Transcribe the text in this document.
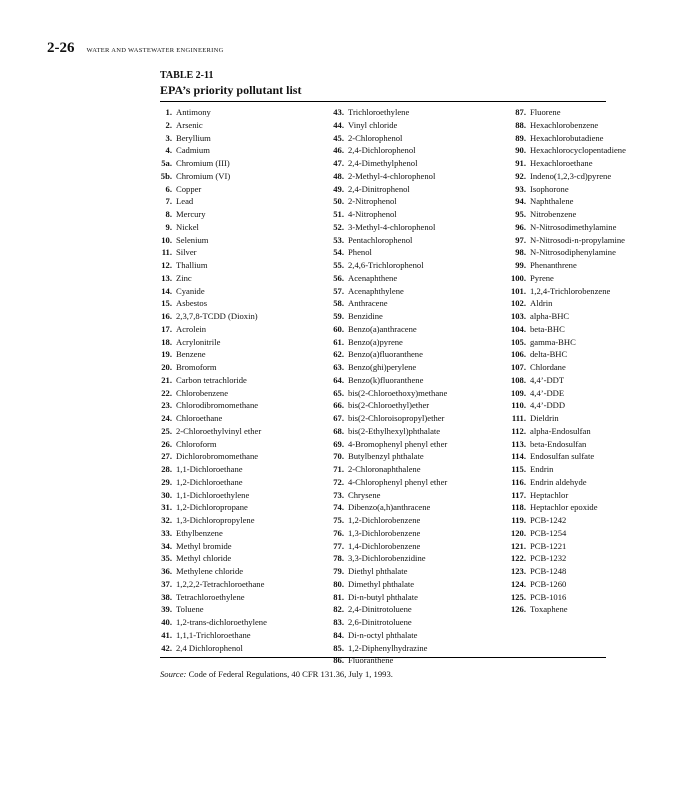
2-26 WATER AND WASTEWATER ENGINEERING
TABLE 2-11
EPA’s priority pollutant list
1. Antimony
2. Arsenic
3. Beryllium
4. Cadmium
5a. Chromium (III)
5b. Chromium (VI)
6. Copper
7. Lead
8. Mercury
9. Nickel
10. Selenium
11. Silver
12. Thallium
13. Zinc
14. Cyanide
15. Asbestos
16. 2,3,7,8-TCDD (Dioxin)
17. Acrolein
18. Acrylonitrile
19. Benzene
20. Bromoform
21. Carbon tetrachloride
22. Chlorobenzene
23. Chlorodibromomethane
24. Chloroethane
25. 2-Chloroethylvinyl ether
26. Chloroform
27. Dichlorobromomethane
28. 1,1-Dichloroethane
29. 1,2-Dichloroethane
30. 1,1-Dichloroethylene
31. 1,2-Dichloropropane
32. 1,3-Dichloropropylene
33. Ethylbenzene
34. Methyl bromide
35. Methyl chloride
36. Methylene chloride
37. 1,2,2,2-Tetrachloroethane
38. Tetrachloroethylene
39. Toluene
40. 1,2-trans-dichloroethylene
41. 1,1,1-Trichloroethane
42. 2,4 Dichlorophenol
43. Trichloroethylene
44. Vinyl chloride
45. 2-Chlorophenol
46. 2,4-Dichlorophenol
47. 2,4-Dimethylphenol
48. 2-Methyl-4-chlorophenol
49. 2,4-Dinitrophenol
50. 2-Nitrophenol
51. 4-Nitrophenol
52. 3-Methyl-4-chlorophenol
53. Pentachlorophenol
54. Phenol
55. 2,4,6-Trichlorophenol
56. Acenaphthene
57. Acenaphthylene
58. Anthracene
59. Benzidine
60. Benzo(a)anthracene
61. Benzo(a)pyrene
62. Benzo(a)fluoranthene
63. Benzo(ghi)perylene
64. Benzo(k)fluoranthene
65. bis(2-Chloroethoxy)methane
66. bis(2-Chloroethyl)ether
67. bis(2-Chloroisopropyl)ether
68. bis(2-Ethylhexyl)phthalate
69. 4-Bromophenyl phenyl ether
70. Butylbenzyl phthalate
71. 2-Chloronaphthalene
72. 4-Chlorophenyl phenyl ether
73. Chrysene
74. Dibenzo(a,h)anthracene
75. 1,2-Dichlorobenzene
76. 1,3-Dichlorobenzene
77. 1,4-Dichlorobenzene
78. 3,3-Dichlorobenzidine
79. Diethyl phthalate
80. Dimethyl phthalate
81. Di-n-butyl phthalate
82. 2,4-Dinitrotoluene
83. 2,6-Dinitrotoluene
84. Di-n-octyl phthalate
85. 1,2-Diphenylhydrazine
86. Fluoranthene
87. Fluorene
88. Hexachlorobenzene
89. Hexachlorobutadiene
90. Hexachlorocyclopentadiene
91. Hexachloroethane
92. Indeno(1,2,3-cd)pyrene
93. Isophorone
94. Naphthalene
95. Nitrobenzene
96. N-Nitrosodimethylamine
97. N-Nitrosodi-n-propylamine
98. N-Nitrosodiphenylamine
99. Phenanthrene
100. Pyrene
101. 1,2,4-Trichlorobenzene
102. Aldrin
103. alpha-BHC
104. beta-BHC
105. gamma-BHC
106. delta-BHC
107. Chlordane
108. 4,4’-DDT
109. 4,4’-DDE
110. 4,4’-DDD
111. Dieldrin
112. alpha-Endosulfan
113. beta-Endosulfan
114. Endosulfan sulfate
115. Endrin
116. Endrin aldehyde
117. Heptachlor
118. Heptachlor epoxide
119. PCB-1242
120. PCB-1254
121. PCB-1221
122. PCB-1232
123. PCB-1248
124. PCB-1260
125. PCB-1016
126. Toxaphene
Source: Code of Federal Regulations, 40 CFR 131.36, July 1, 1993.
